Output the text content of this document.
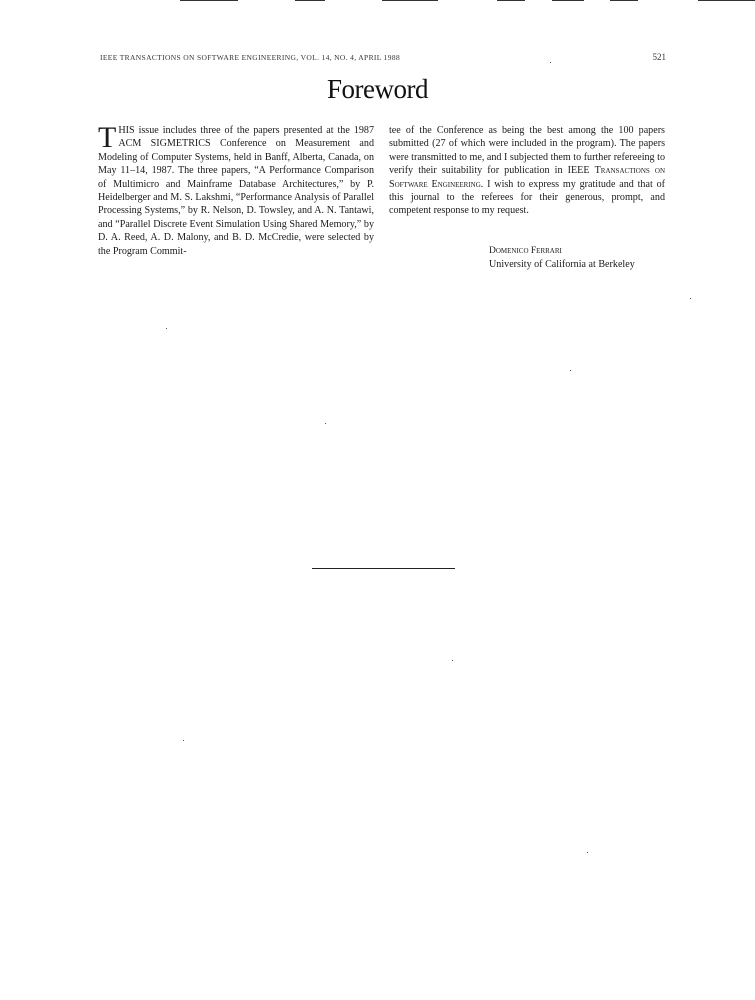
IEEE TRANSACTIONS ON SOFTWARE ENGINEERING, VOL. 14, NO. 4, APRIL 1988	521
Foreword
THIS issue includes three of the papers presented at the 1987 ACM SIGMETRICS Conference on Measurement and Modeling of Computer Systems, held in Banff, Alberta, Canada, on May 11–14, 1987. The three papers, “A Performance Comparison of Multimicro and Mainframe Database Architectures,” by P. Heidelberger and M. S. Lakshmi, “Performance Analysis of Parallel Processing Systems,” by R. Nelson, D. Towsley, and A. N. Tantawi, and “Parallel Discrete Event Simulation Using Shared Memory,” by D. A. Reed, A. D. Malony, and B. D. McCredie, were selected by the Program Commit-
tee of the Conference as being the best among the 100 papers submitted (27 of which were included in the program). The papers were transmitted to me, and I subjected them to further refereeing to verify their suitability for publication in IEEE Transactions on Software Engineering. I wish to express my gratitude and that of this journal to the referees for their generous, prompt, and competent response to my request.
Domenico Ferrari
University of California at Berkeley
